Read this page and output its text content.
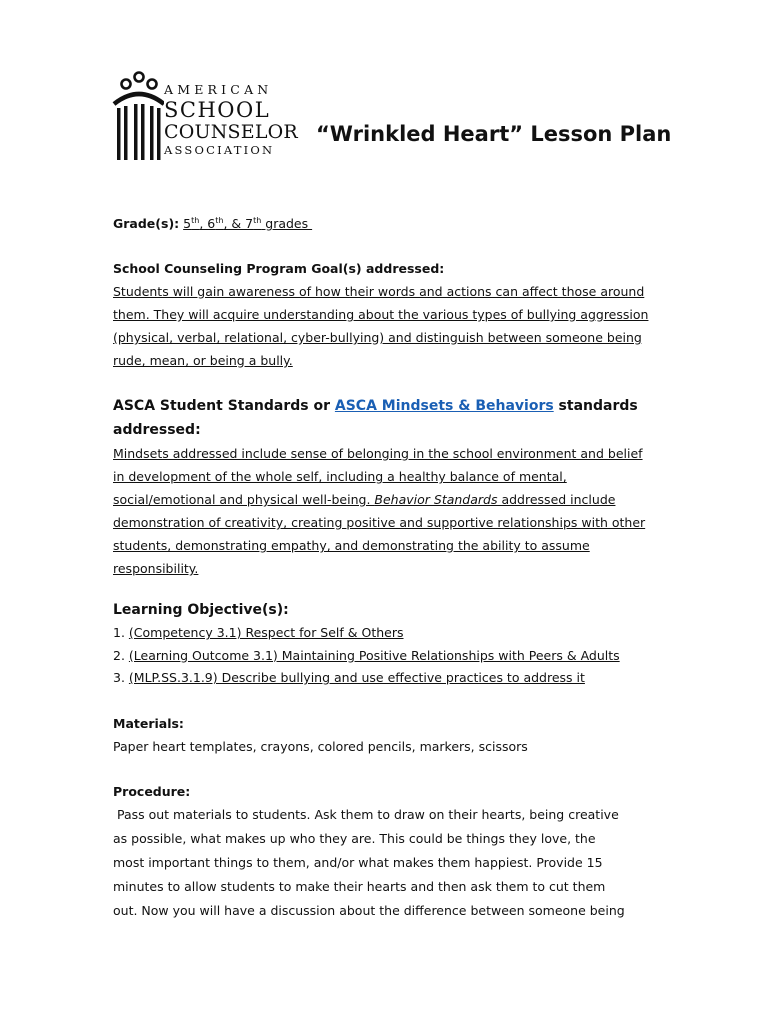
AMERICAN
SCHOOL
COUNSELOR
ASSOCIATION
“Wrinkled Heart” Lesson Plan
Grade(s): 5th, 6th, & 7th grades
School Counseling Program Goal(s) addressed:
Students will gain awareness of how their words and actions can affect those around
them. They will acquire understanding about the various types of bullying aggression
(physical, verbal, relational, cyber-bullying) and distinguish between someone being
rude, mean, or being a bully.
ASCA Student Standards or ASCA Mindsets & Behaviors standards
addressed:
Mindsets addressed include sense of belonging in the school environment and belief
in development of the whole self, including a healthy balance of mental,
social/emotional and physical well-being. Behavior Standards addressed include
demonstration of creativity, creating positive and supportive relationships with other
students, demonstrating empathy, and demonstrating the ability to assume
responsibility.
Learning Objective(s):
1. (Competency 3.1) Respect for Self & Others
2. (Learning Outcome 3.1) Maintaining Positive Relationships with Peers & Adults
3. (MLP.SS.3.1.9) Describe bullying and use effective practices to address it
Materials:
Paper heart templates, crayons, colored pencils, markers, scissors
Procedure:
Pass out materials to students. Ask them to draw on their hearts, being creative
as possible, what makes up who they are. This could be things they love, the
most important things to them, and/or what makes them happiest. Provide 15
minutes to allow students to make their hearts and then ask them to cut them
out. Now you will have a discussion about the difference between someone being
